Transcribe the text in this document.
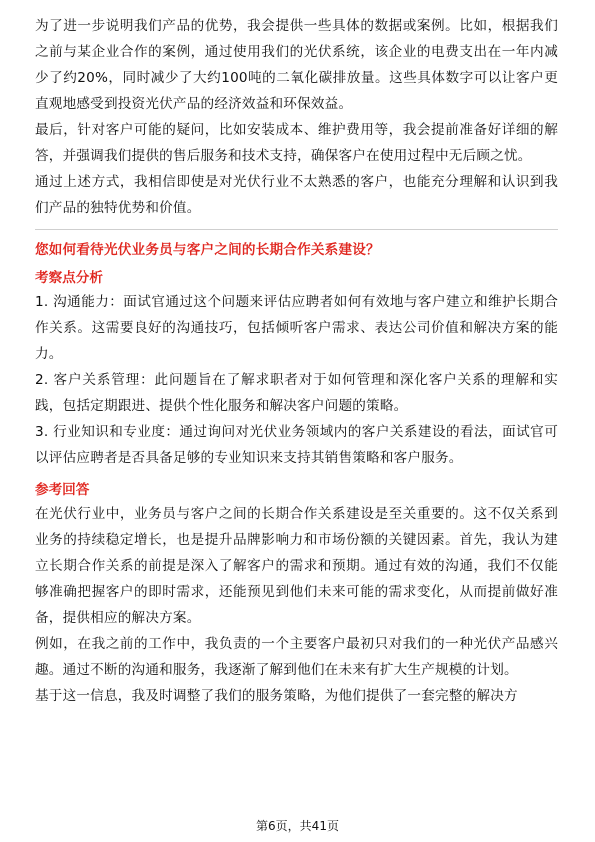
为了进一步说明我们产品的优势，我会提供一些具体的数据或案例。比如，根据我们之前与某企业合作的案例，通过使用我们的光伏系统，该企业的电费支出在一年内减少了约20%，同时减少了大约100吨的二氧化碳排放量。这些具体数字可以让客户更直观地感受到投资光伏产品的经济效益和环保效益。

最后，针对客户可能的疑问，比如安装成本、维护费用等，我会提前准备好详细的解答，并强调我们提供的售后服务和技术支持，确保客户在使用过程中无后顾之忧。

通过上述方式，我相信即使是对光伏行业不太熟悉的客户，也能充分理解和认识到我们产品的独特优势和价值。

您如何看待光伏业务员与客户之间的长期合作关系建设？

考察点分析

1. 沟通能力：面试官通过这个问题来评估应聘者如何有效地与客户建立和维护长期合作关系。这需要良好的沟通技巧，包括倾听客户需求、表达公司价值和解决方案的能力。

2. 客户关系管理：此问题旨在了解求职者对于如何管理和深化客户关系的理解和实践，包括定期跟进、提供个性化服务和解决客户问题的策略。

3. 行业知识和专业度：通过询问对光伏业务领域内的客户关系建设的看法，面试官可以评估应聘者是否具备足够的专业知识来支持其销售策略和客户服务。

参考回答

在光伏行业中，业务员与客户之间的长期合作关系建设是至关重要的。这不仅关系到业务的持续稳定增长，也是提升品牌影响力和市场份额的关键因素。首先，我认为建立长期合作关系的前提是深入了解客户的需求和预期。通过有效的沟通，我们不仅能够准确把握客户的即时需求，还能预见到他们未来可能的需求变化，从而提前做好准备，提供相应的解决方案。

例如，在我之前的工作中，我负责的一个主要客户最初只对我们的一种光伏产品感兴趣。通过不断的沟通和服务，我逐渐了解到他们在未来有扩大生产规模的计划。

基于这一信息，我及时调整了我们的服务策略，为他们提供了一套完整的解决方

第6页，共41页
